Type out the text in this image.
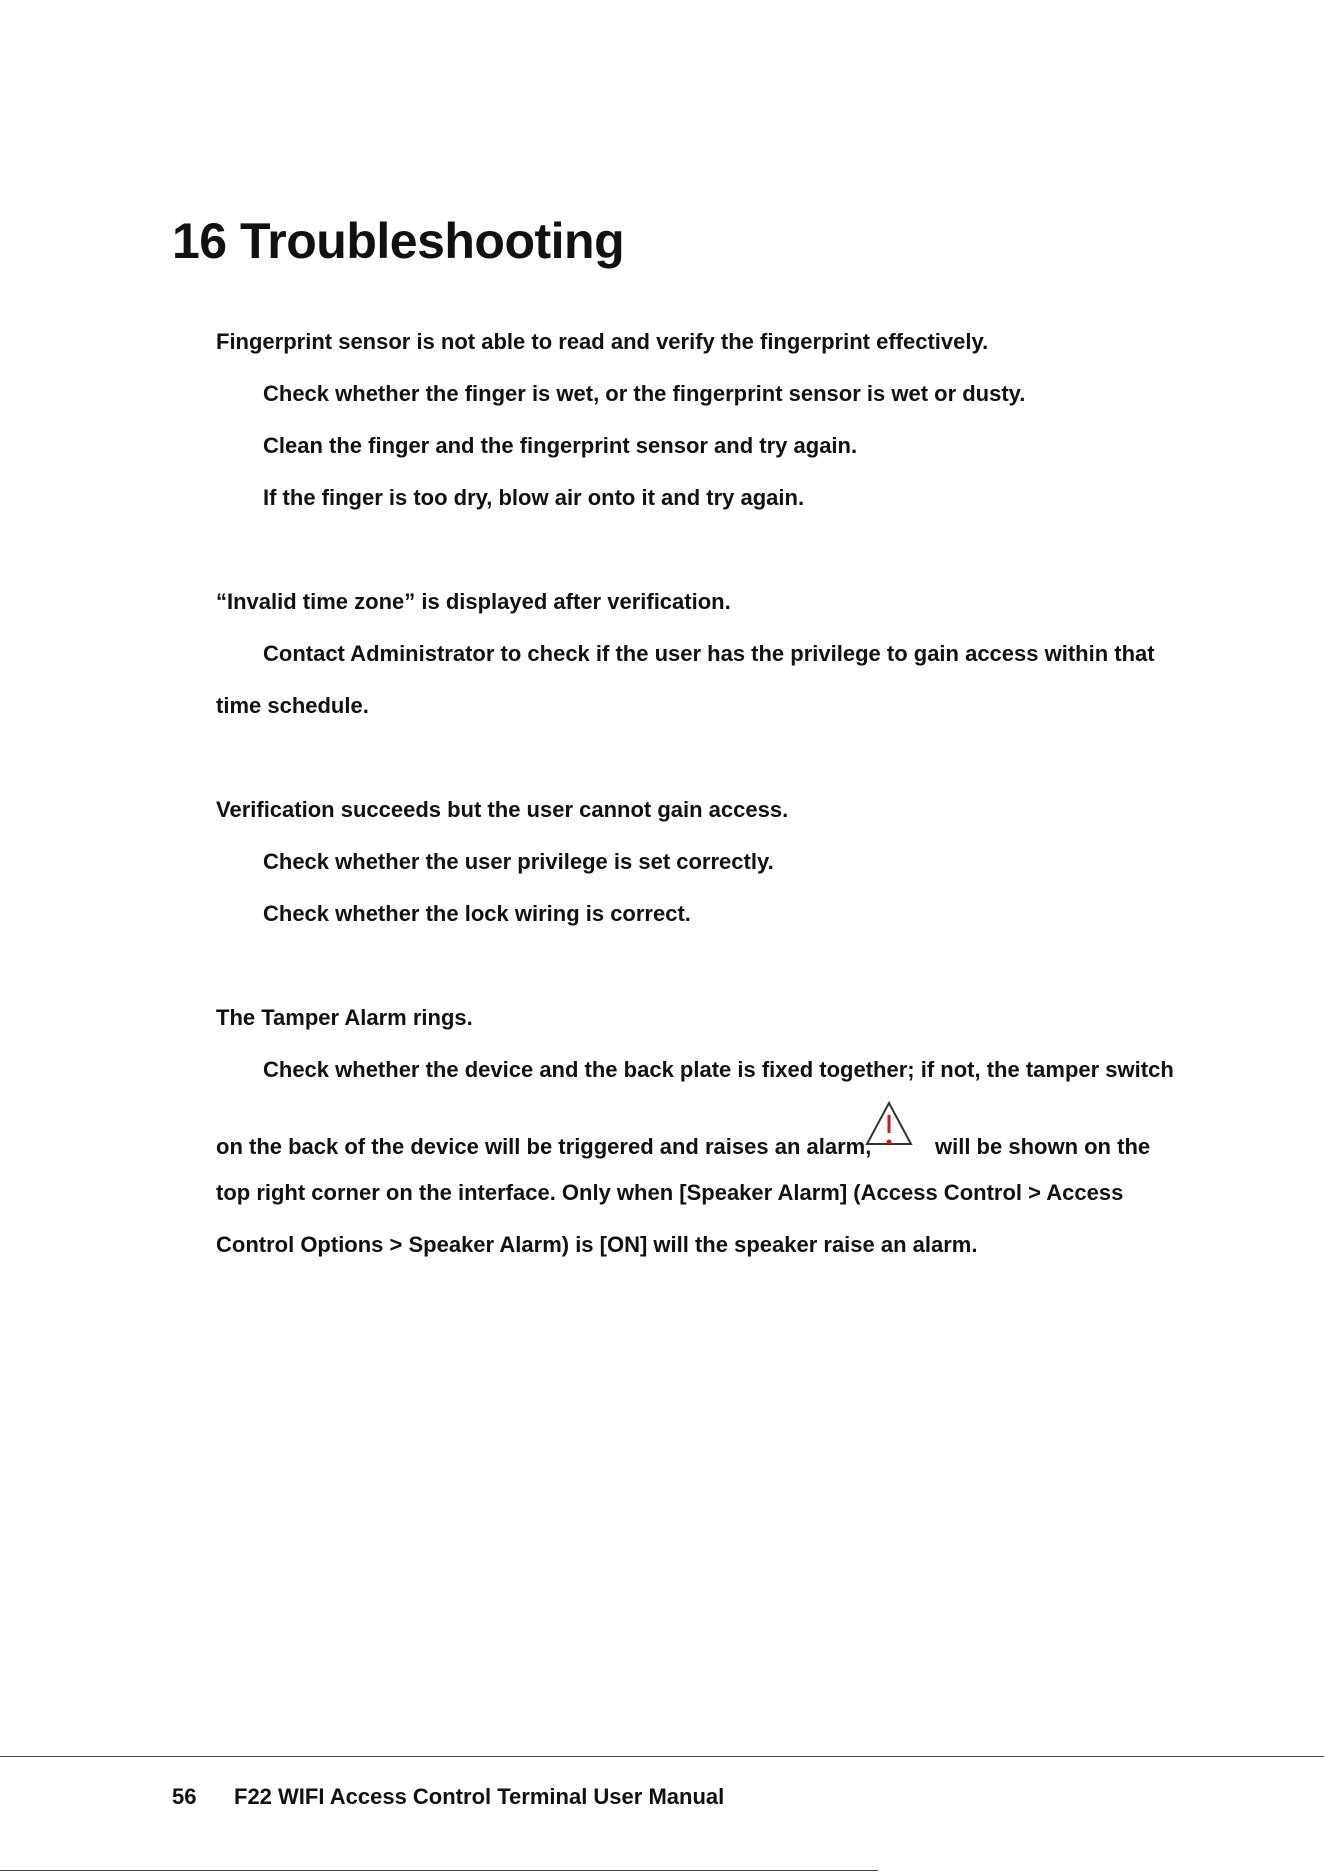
16 Troubleshooting
Fingerprint sensor is not able to read and verify the fingerprint effectively.
Check whether the finger is wet, or the fingerprint sensor is wet or dusty.
Clean the finger and the fingerprint sensor and try again.
If the finger is too dry, blow air onto it and try again.
“Invalid time zone” is displayed after verification.
Contact Administrator to check if the user has the privilege to gain access within that
time schedule.
Verification succeeds but the user cannot gain access.
Check whether the user privilege is set correctly.
Check whether the lock wiring is correct.
The Tamper Alarm rings.
Check whether the device and the back plate is fixed together; if not, the tamper switch
on the back of the device will be triggered and raises an alarm,	will be shown on the
top right corner on the interface. Only when [Speaker Alarm] (Access Control > Access
Control Options > Speaker Alarm) is [ON] will the speaker raise an alarm.
56 F22 WIFI Access Control Terminal User Manual
